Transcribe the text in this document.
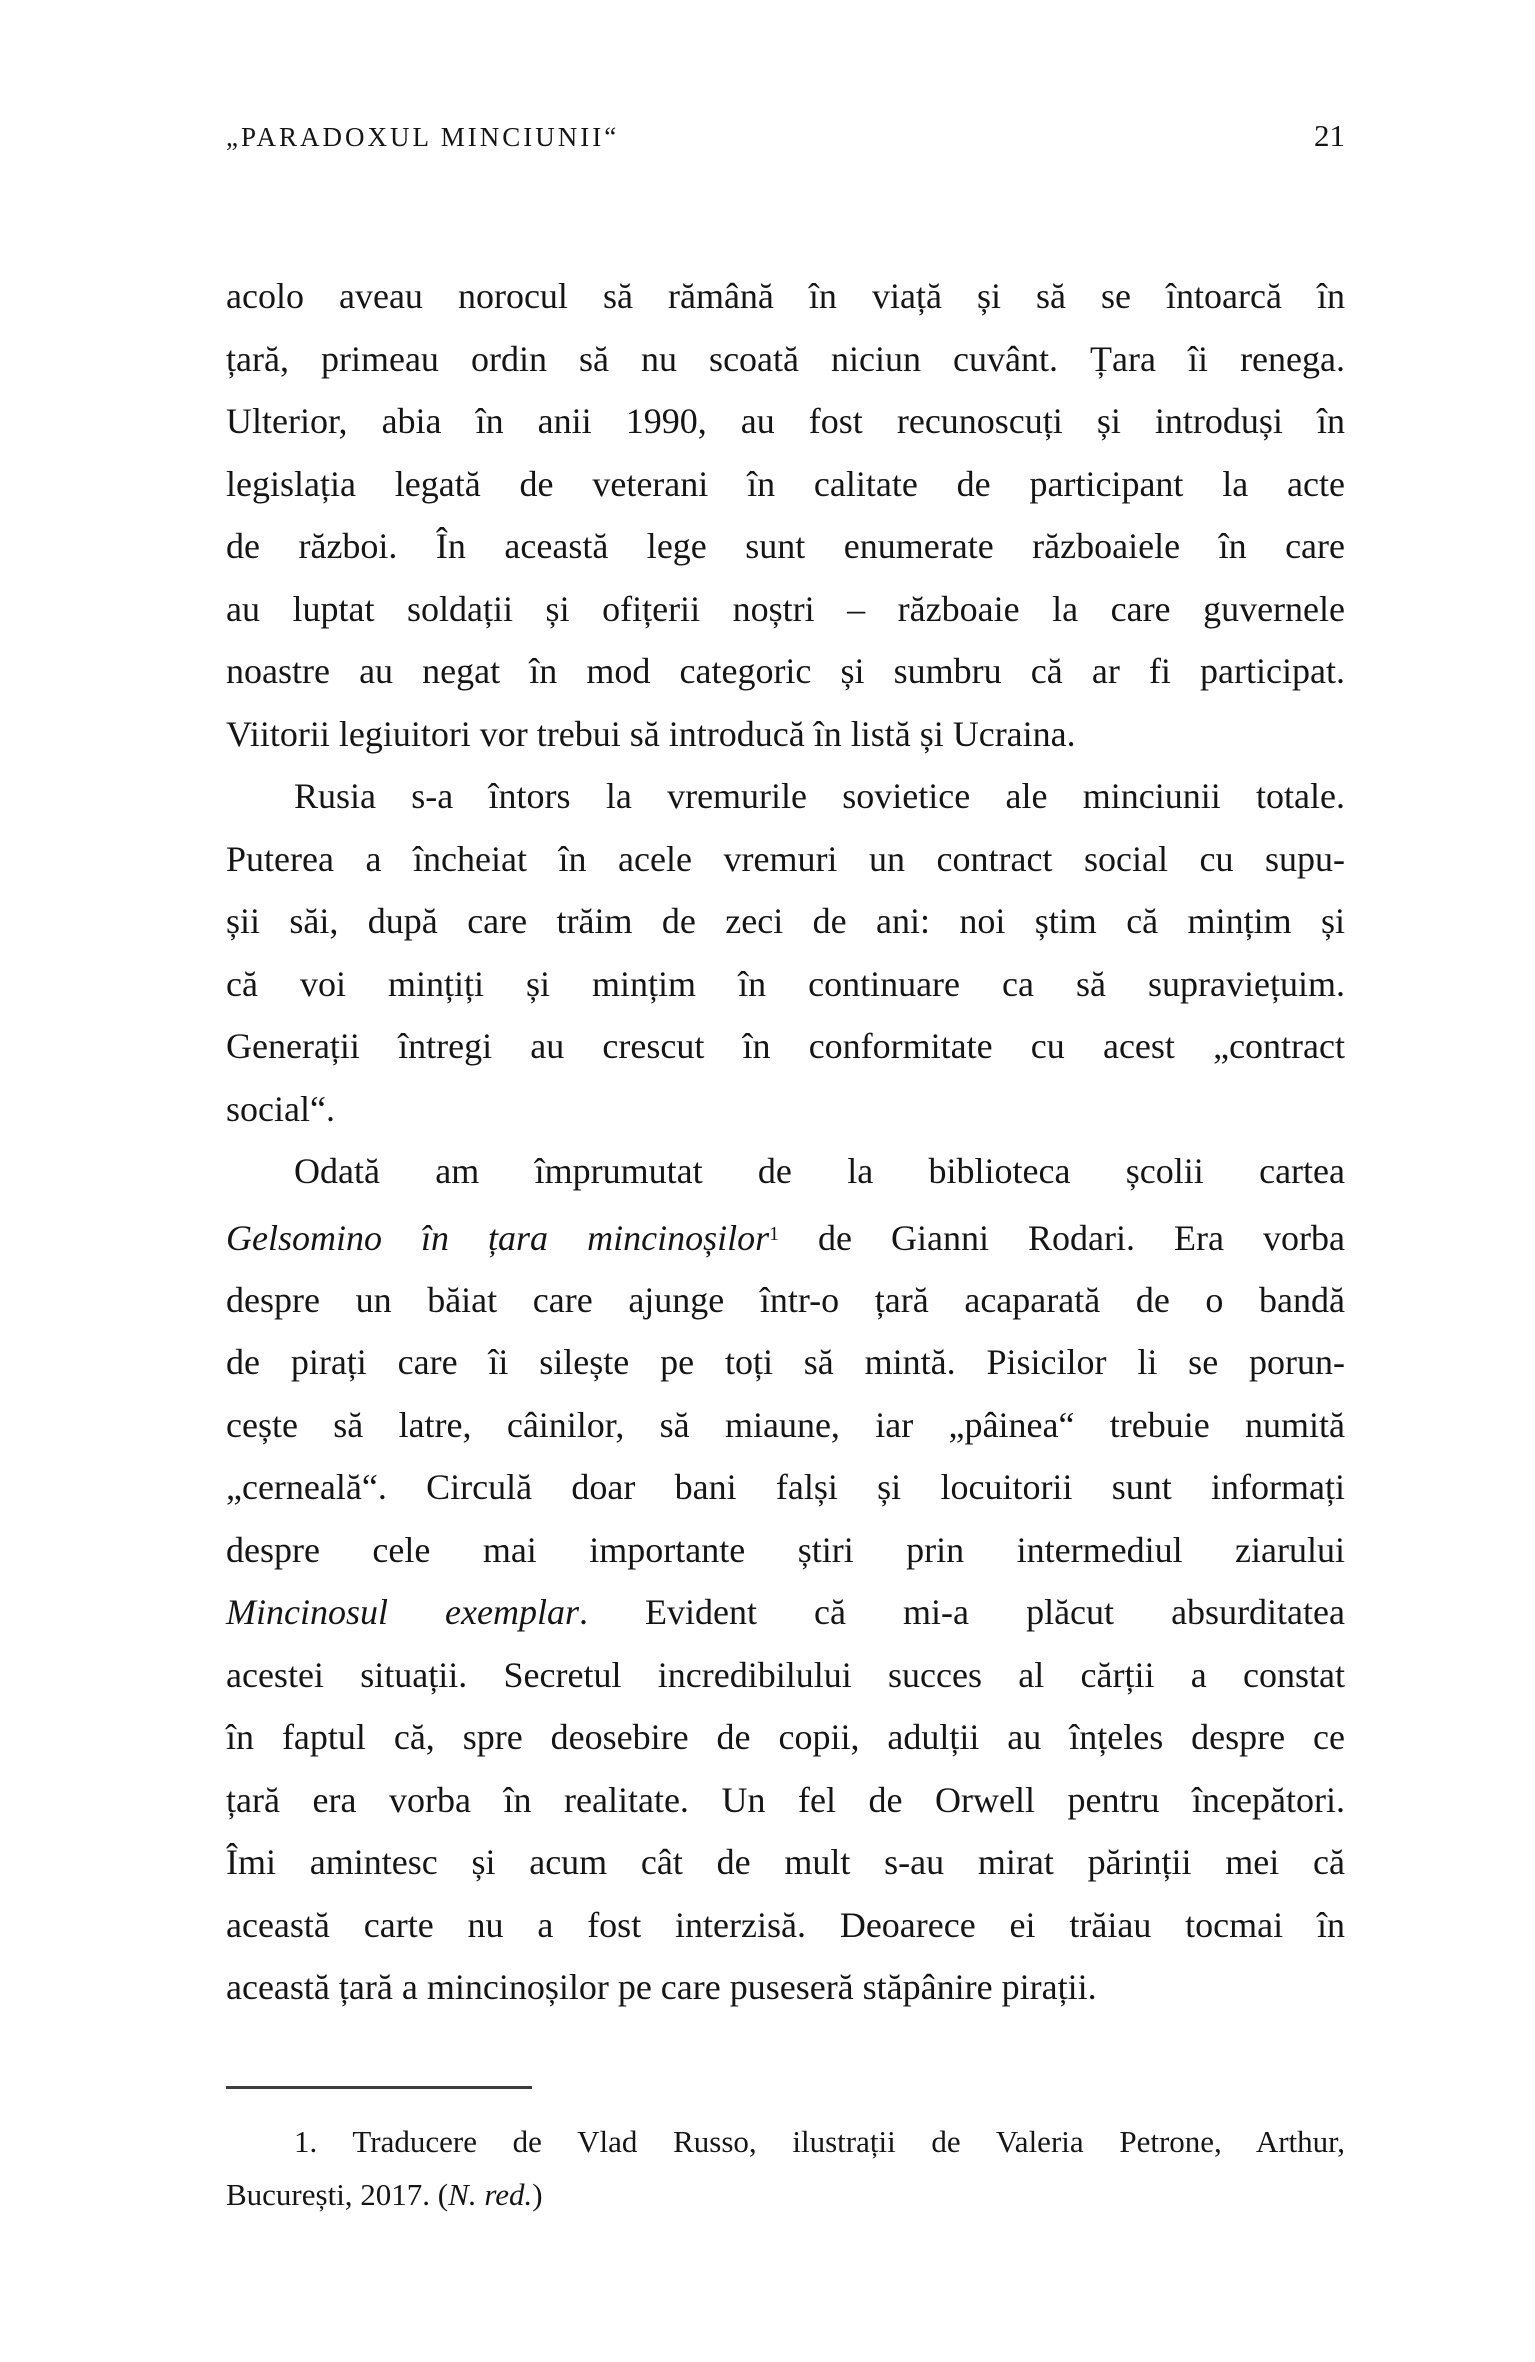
„PARADOXUL MINCIUNII“	21
acolo aveau norocul să rămână în viață și să se întoarcă în
țară, primeau ordin să nu scoată niciun cuvânt. Țara îi renega.
Ulterior, abia în anii 1990, au fost recunoscuți și introduși în
legislația legată de veterani în calitate de participant la acte
de război. În această lege sunt enumerate războaiele în care
au luptat soldații și ofițerii noștri – războaie la care guvernele
noastre au negat în mod categoric și sumbru că ar fi participat.
Viitorii legiuitori vor trebui să introducă în listă și Ucraina.
Rusia s-a întors la vremurile sovietice ale minciunii totale.
Puterea a încheiat în acele vremuri un contract social cu supu-
șii săi, după care trăim de zeci de ani: noi știm că mințim și
că voi mințiți și mințim în continuare ca să supraviețuim.
Generații întregi au crescut în conformitate cu acest „contract
social“.
Odată am împrumutat de la biblioteca școlii cartea
Gelsomino în țara mincinoșilor$^1$ de Gianni Rodari. Era vorba
despre un băiat care ajunge într-o țară acaparată de o bandă
de pirați care îi silește pe toți să mintă. Pisicilor li se porun-
cește să latre, câinilor, să miaune, iar „pâinea“ trebuie numită
„cerneală“. Circulă doar bani falși și locuitorii sunt informați
despre cele mai importante știri prin intermediul ziarului
Mincinosul exemplar. Evident că mi-a plăcut absurditatea
acestei situații. Secretul incredibilului succes al cărții a constat
în faptul că, spre deosebire de copii, adulții au înțeles despre ce
țară era vorba în realitate. Un fel de Orwell pentru începători.
Îmi amintesc și acum cât de mult s-au mirat părinții mei că
această carte nu a fost interzisă. Deoarece ei trăiau tocmai în
această țară a mincinoșilor pe care puseseră stăpânire pirații.
1. Traducere de Vlad Russo, ilustrații de Valeria Petrone, Arthur,
București, 2017. (N. red.)
